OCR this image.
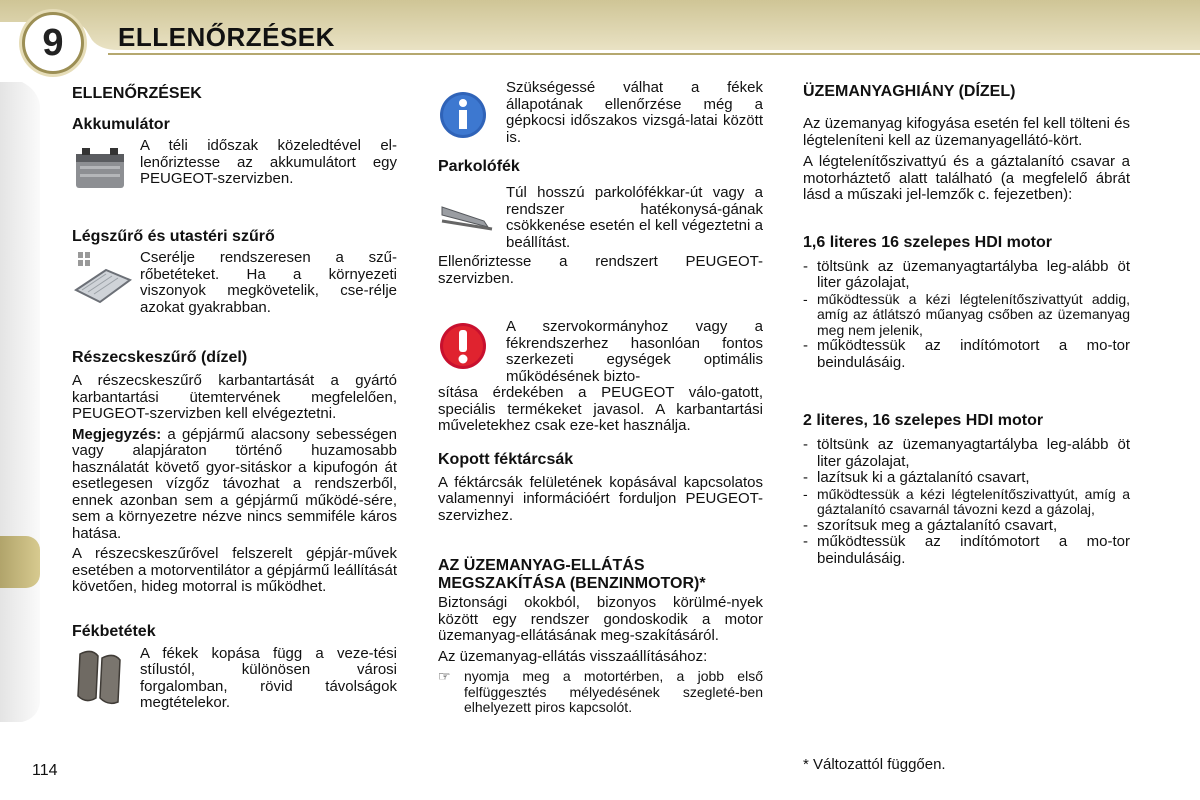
9	ELLENŐRZÉSEK
114
ELLENŐRZÉSEK
Akkumulátor

A téli időszak közeledtével el-lenőriztesse az akkumulátort egy PEUGEOT-szervizben.

Légszűrő és utastéri szűrő

Cserélje rendszeresen a szű-rőbetéteket. Ha a környezeti viszonyok megkövetelik, cse-rélje azokat gyakrabban.

Részecskeszűrő (dízel)

A részecskeszűrő karbantartását a gyártó karbantartási ütemtervének megfelelően, PEUGEOT-szervizben kell elvégeztetni.

Megjegyzés: a gépjármű alacsony sebességen vagy alapjáraton történő huzamosabb használatát követő gyor-sitáskor a kipufogón át esetlegesen vízgőz távozhat a rendszerből, ennek azonban sem a gépjármű működé-sére, sem a környezetre nézve nincs semmiféle káros hatása.

A részecskeszűrővel felszerelt gépjár-művek esetében a motorventilátor a gépjármű leállítását követően, hideg motorral is működhet.

Fékbetétek

A fékek kopása függ a veze-tési stílustól, különösen városi forgalomban, rövid távolságok megtételekor.

Szükségessé válhat a fékek állapotának ellenőrzése még a gépkocsi időszakos vizsgá-latai között is.

Parkolófék

Túl hosszú parkolófékkar-út vagy a rendszer hatékonysá-gának csökkenése esetén el kell végeztetni a beállítást.

Ellenőriztesse a rendszert PEUGEOT-szervizben.

A szervokormányhoz vagy a fékrendszerhez hasonlóan fontos szerkezeti egységek optimális működésének bizto-

sítása érdekében a PEUGEOT válo-gatott, speciális termékeket javasol. A karbantartási műveletekhez csak eze-ket használja.

Kopott féktárcsák

A féktárcsák felületének kopásával kapcsolatos valamennyi információért forduljon PEUGEOT-szervizhez.

AZ ÜZEMANYAG-ELLÁTÁS MEGSZAKÍTÁSA (BENZINMOTOR)*

Biztonsági okokból, bizonyos körülmé-nyek között egy rendszer gondoskodik a motor üzemanyag-ellátásának meg-szakításáról.

Az üzemanyag-ellátás visszaállításához:

☞ nyomja meg a motortérben, a jobb első felfüggesztés mélyedésének szegleté-ben elhelyezett piros kapcsolót.
ÜZEMANYAGHIÁNY (DÍZEL)

Az üzemanyag kifogyása esetén fel kell tölteni és légteleníteni kell az üzemanyagellátó-kört.

A légtelenítőszivattyú és a gáztalanító csavar a motorháztető alatt található (a megfelelő ábrát lásd a műszaki jel-lemzők c. fejezetben):

1,6 literes 16 szelepes HDI motor
- töltsünk az üzemanyagtartályba leg-alább öt liter gázolajat,
- működtessük a kézi légtelenítőszivattyút addig, amíg az átlátszó műanyag csőben az üzemanyag meg nem jelenik,
- működtessük az indítómotort a mo-tor beindulásáig.
2 literes, 16 szelepes HDI motor
- töltsünk az üzemanyagtartályba leg-alább öt liter gázolajat,
- lazítsuk ki a gáztalanító csavart,
- működtessük a kézi légtelenítőszivattyút, amíg a gáztalanító csavarnál távozni kezd a gázolaj,
- szorítsuk meg a gáztalanító csavart,
- működtessük az indítómotort a mo-tor beindulásáig.

* Változattól függően.
